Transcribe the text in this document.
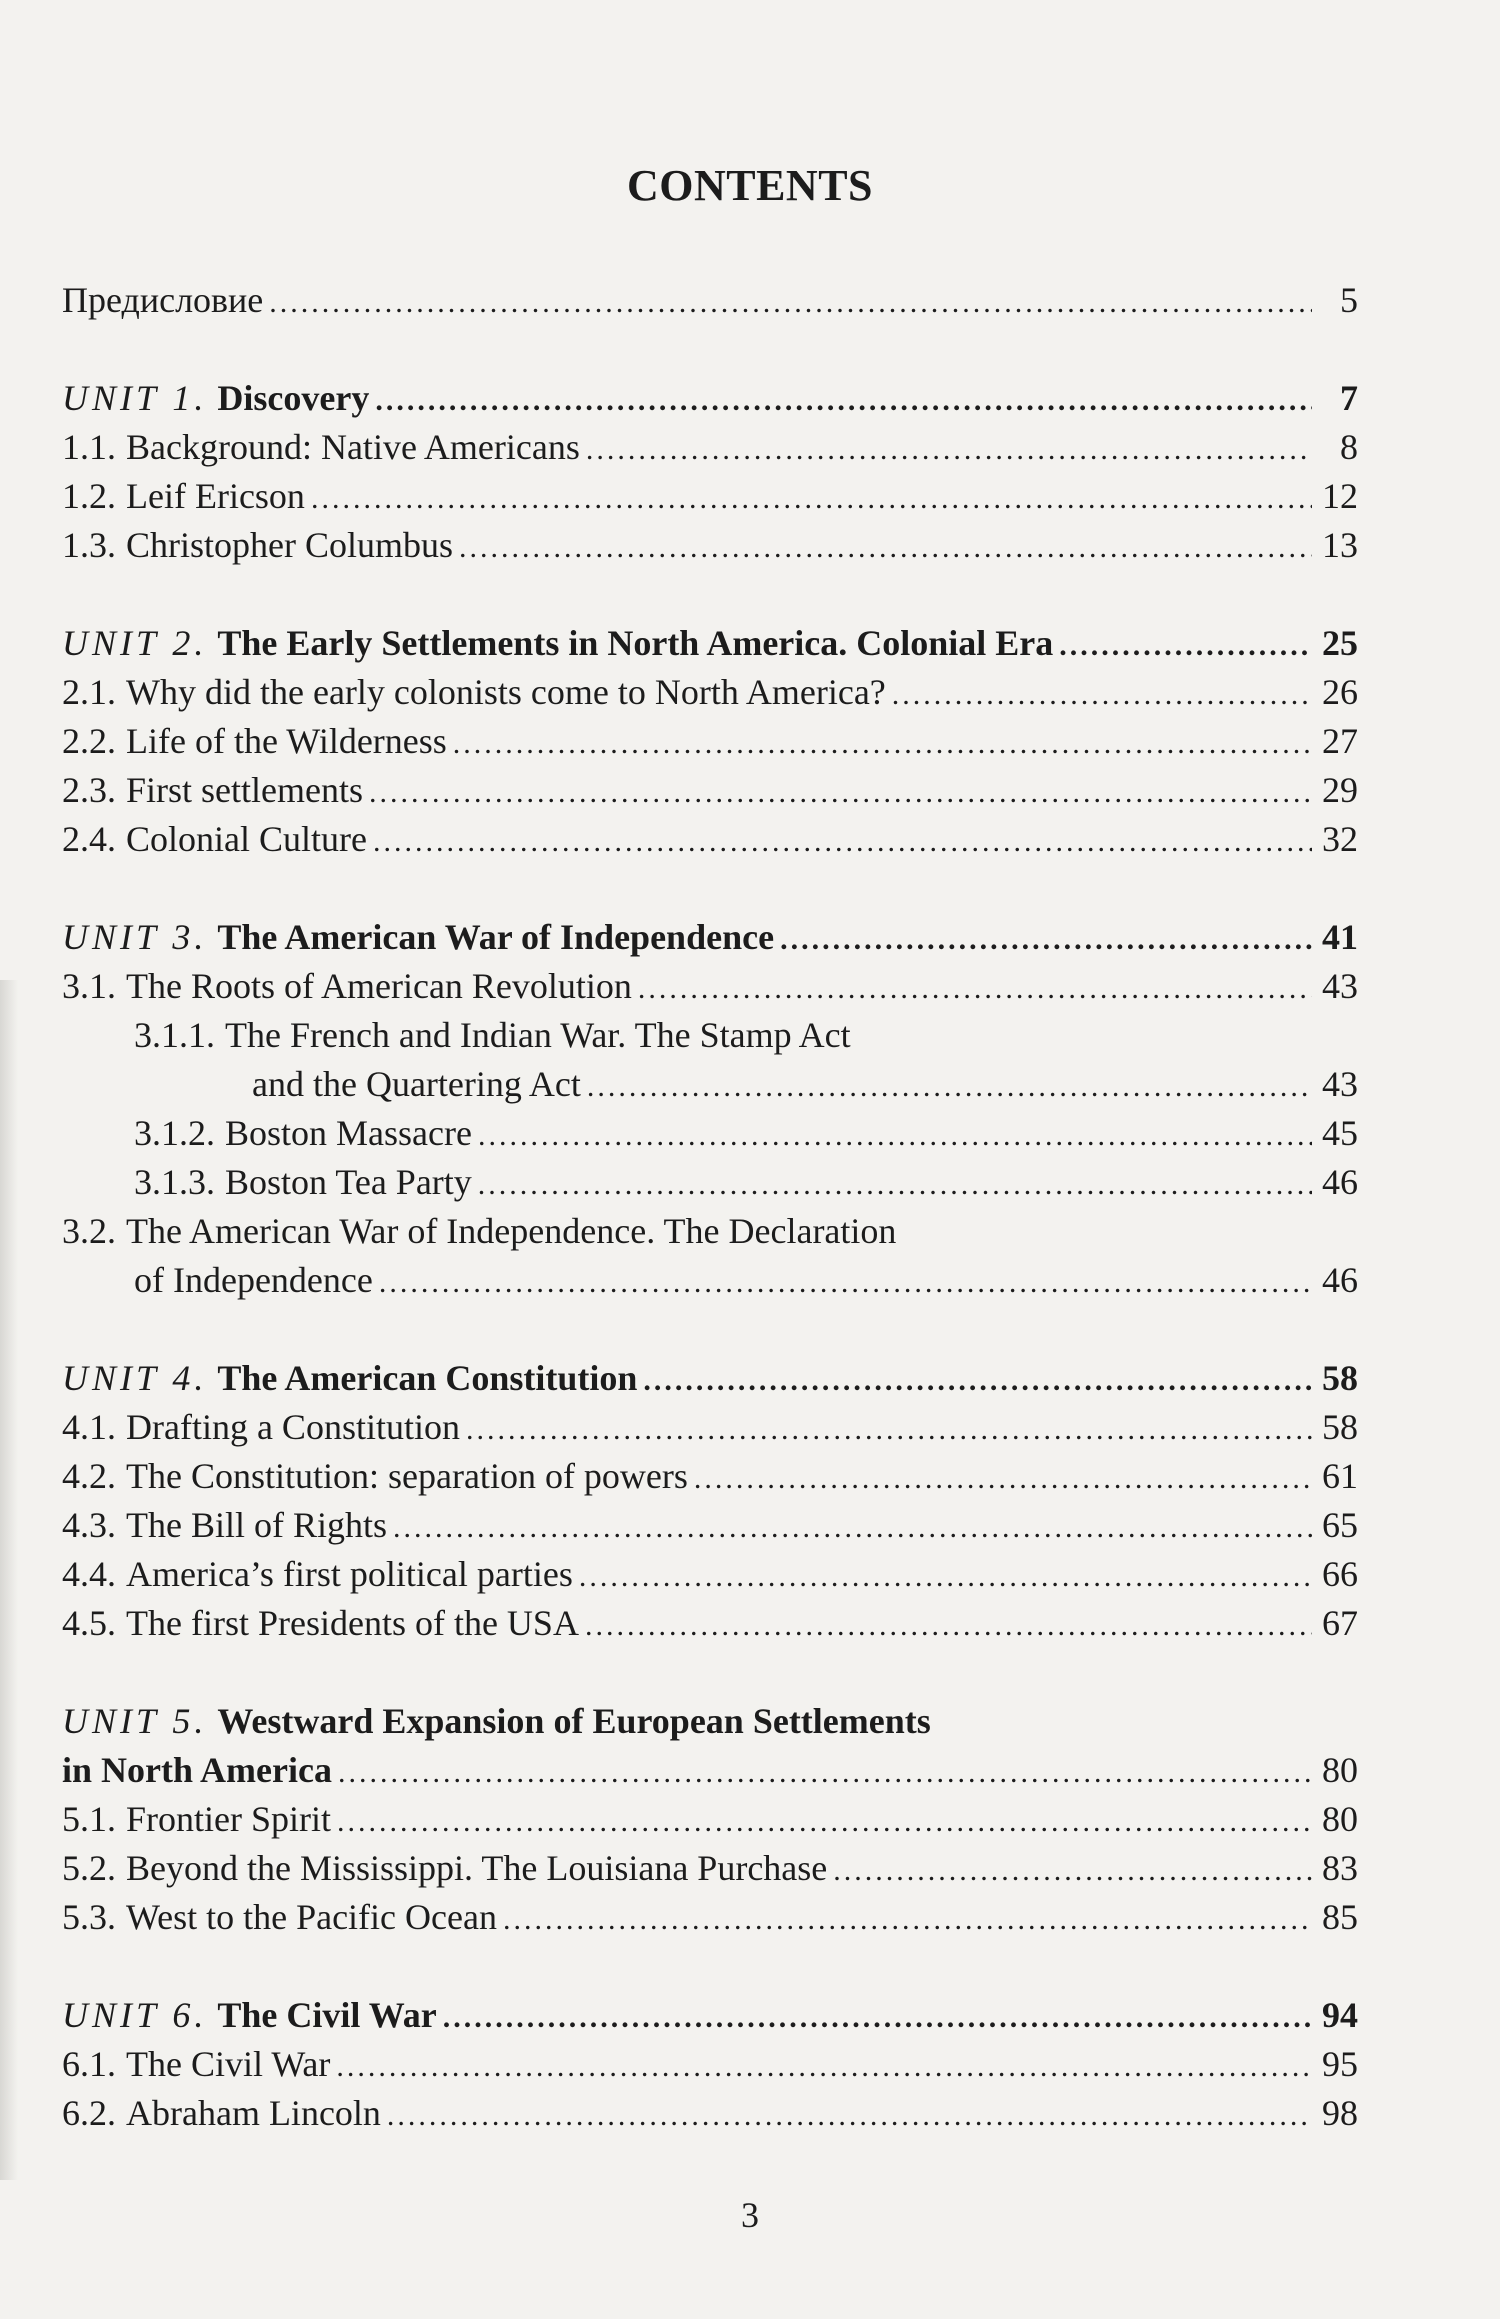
CONTENTS
Предисловие .....	5
UNIT 1. Discovery .....	7
1.1. Background: Native Americans .....	8
1.2. Leif Ericson .....	12
1.3. Christopher Columbus .....	13
UNIT 2. The Early Settlements in North America. Colonial Era .....	25
2.1. Why did the early colonists come to North America? .....	26
2.2. Life of the Wilderness .....	27
2.3. First settlements .....	29
2.4. Colonial Culture .....	32
UNIT 3. The American War of Independence .....	41
3.1. The Roots of American Revolution .....	43
3.1.1. The French and Indian War. The Stamp Act
and the Quartering Act .....	43
3.1.2. Boston Massacre .....	45
3.1.3. Boston Tea Party .....	46
3.2. The American War of Independence. The Declaration
of Independence .....	46
UNIT 4. The American Constitution .....	58
4.1. Drafting a Constitution .....	58
4.2. The Constitution: separation of powers .....	61
4.3. The Bill of Rights .....	65
4.4. America’s first political parties .....	66
4.5. The first Presidents of the USA .....	67
UNIT 5. Westward Expansion of European Settlements
in North America .....	80
5.1. Frontier Spirit .....	80
5.2. Beyond the Mississippi. The Louisiana Purchase .....	83
5.3. West to the Pacific Ocean .....	85
UNIT 6. The Civil War .....	94
6.1. The Civil War .....	95
6.2. Abraham Lincoln .....	98
3
